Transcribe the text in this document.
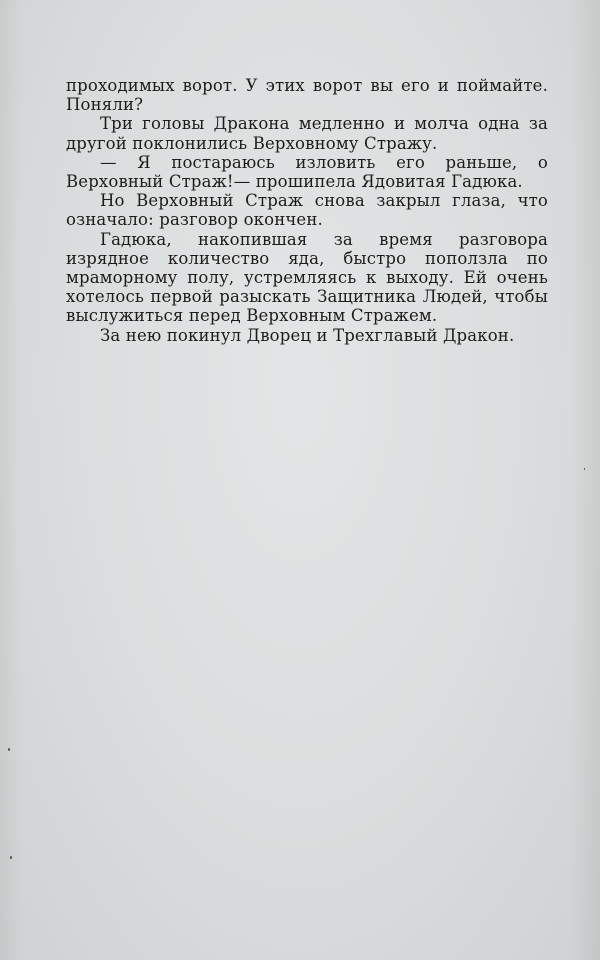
проходимых ворот. У этих ворот вы его и поймайте. Поняли?

Три головы Дракона медленно и молча одна за другой поклонились Верховному Стражу.

— Я постараюсь изловить его раньше, о Верховный Страж!— прошипела Ядовитая Гадюка.

Но Верховный Страж снова закрыл глаза, что означало: разговор окончен.

Гадюка, накопившая за время разговора изрядное количество яда, быстро поползла по мраморному полу, устремляясь к выходу. Ей очень хотелось первой разыскать Защитника Людей, чтобы выслужиться перед Верховным Стражем.

За нею покинул Дворец и Трехглавый Дракон.
